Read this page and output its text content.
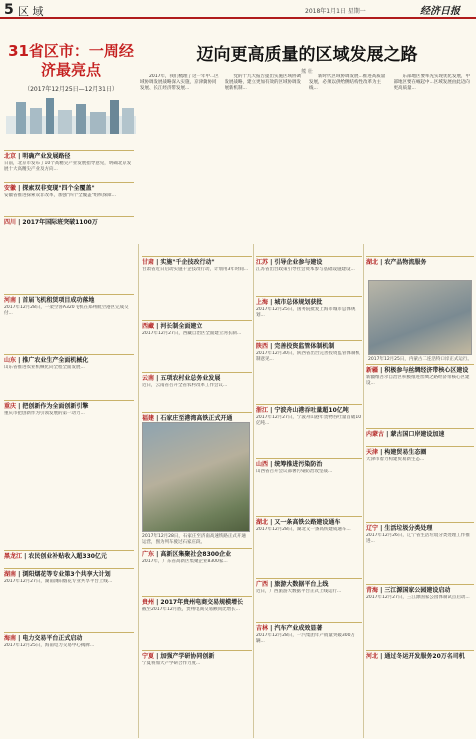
5 区 域	2018年1月1日 星期一	经济日报
31省区市：一周经济最亮点
（2017年12月25日—12月31日）
北京 | 明确产业发展路径
日前，北京市发布了10个高精尖产业发展指导意见，明确北京发展十大高精尖产业及方向...
安徽 | 探索双非变现"四个全覆盖"
安徽省推进探索双非改革，加强"四个全覆盖"组织保障...
四川 | 2017年国际班突破1100万
河南 | 首届飞机租赁项目成功落地
2017年12月28日，一架空客A320飞机在郑州航空港区完成交付...
山东 | 推广农业生产全面机械化
山东省推进农业机械化向全程全面发展...
重庆 | 把创新作为全面创新引擎
重庆市把创新作为引领发展的第一动力...
黑龙江 | 农民创业补贴收入超330亿元
湖南 | 浏阳烟花等专业第3个共享大计划
2017年12月27日，湖南浏阳烟花专业共享平台上线...
海南 | 电力交易平台正式启动
2017年12月25日，海南电力交易中心揭牌...
迈向更高质量的区域发展之路
熊 壮

2017年，我们梳理了这一年中...区域协调发展战略深入实施，京津冀协同发展、长江经济带发展...

党的十九大报告提出实施区域协调发展战略，建立更加有效的区域协调发展新机制...

新时代区域协调发展...推进高质量发展，必须以供给侧结构性改革为主线...

东部地区要率先实现优化发展，中部地区要在崛起中...区域发展由此迈向更高质量...

2017年12月28日，石家庄至济南高速铁路正式开通运营，图为列车驶过石家庄段。
2017年12月25日，内蒙古二连浩特口岸正式运行。
甘肃 | 实施"千企技改行动"
甘肃省近日启动实施千企技改行动，计划用3年时间...
西藏 | 河长制全面建立
2017年12月27日，西藏自治区全面建立河长制...
云南 | 五项农村业总务业发展
近日，云南省召开全省农村改革工作会议...
福建 | 石家庄至港湾高铁正式开通
广东 | 高新区集聚社会8300企业
2017年，广东省高新区集聚企业8300家...
贵州 | 2017年贵州电商交易规模增长
截至2017年12月底，贵州电商交易额同比增长...
宁夏 | 加强产学研协同创新
宁夏将加大产学研合作力度...
江苏 | 引导企业参与建设
江苏省出台政策引导社会资本参与基础设施建设...
上海 | 城市总体规划获批
2017年12月25日，国务院批复上海市城市总体规划...
陕西 | 完善投资监管体制机制
2017年12月30日，陕西省出台完善投资监管体制机制意见...
浙江 | 宁波舟山港吞吐量超10亿吨
2017年12月27日，宁波舟山港年货物吞吐量首破10亿吨...
山西 | 统筹推进污染防治
山西省召开会议部署污染防治攻坚战...
湖北 | 又一条高铁公路建设通车
2017年12月28日，湖北又一条高铁建成通车...
广西 | 旅游大数据平台上线
近日，广西旅游大数据平台正式上线运行...
吉林 | 汽车产业成效显著
2017年12月28日，一汽集团年产销量突破300万辆...
湖北 | 农产品物流服务
新疆 | 积极参与丝绸经济带核心区建设
新疆维吾尔自治区积极推进丝绸之路经济带核心区建设...
内蒙古 | 蒙古国口岸建设加速
天津 | 构建贸易生态圈
天津市着力构建贸易新生态...
辽宁 | 生活垃圾分类处理
2017年12月26日，辽宁省生活垃圾分类处理工作推进...
青海 | 三江源国家公园建设启动
2017年12月27日，三江源国家公园体制试点启动...
河北 | 通过冬运开发服务20万名司机
